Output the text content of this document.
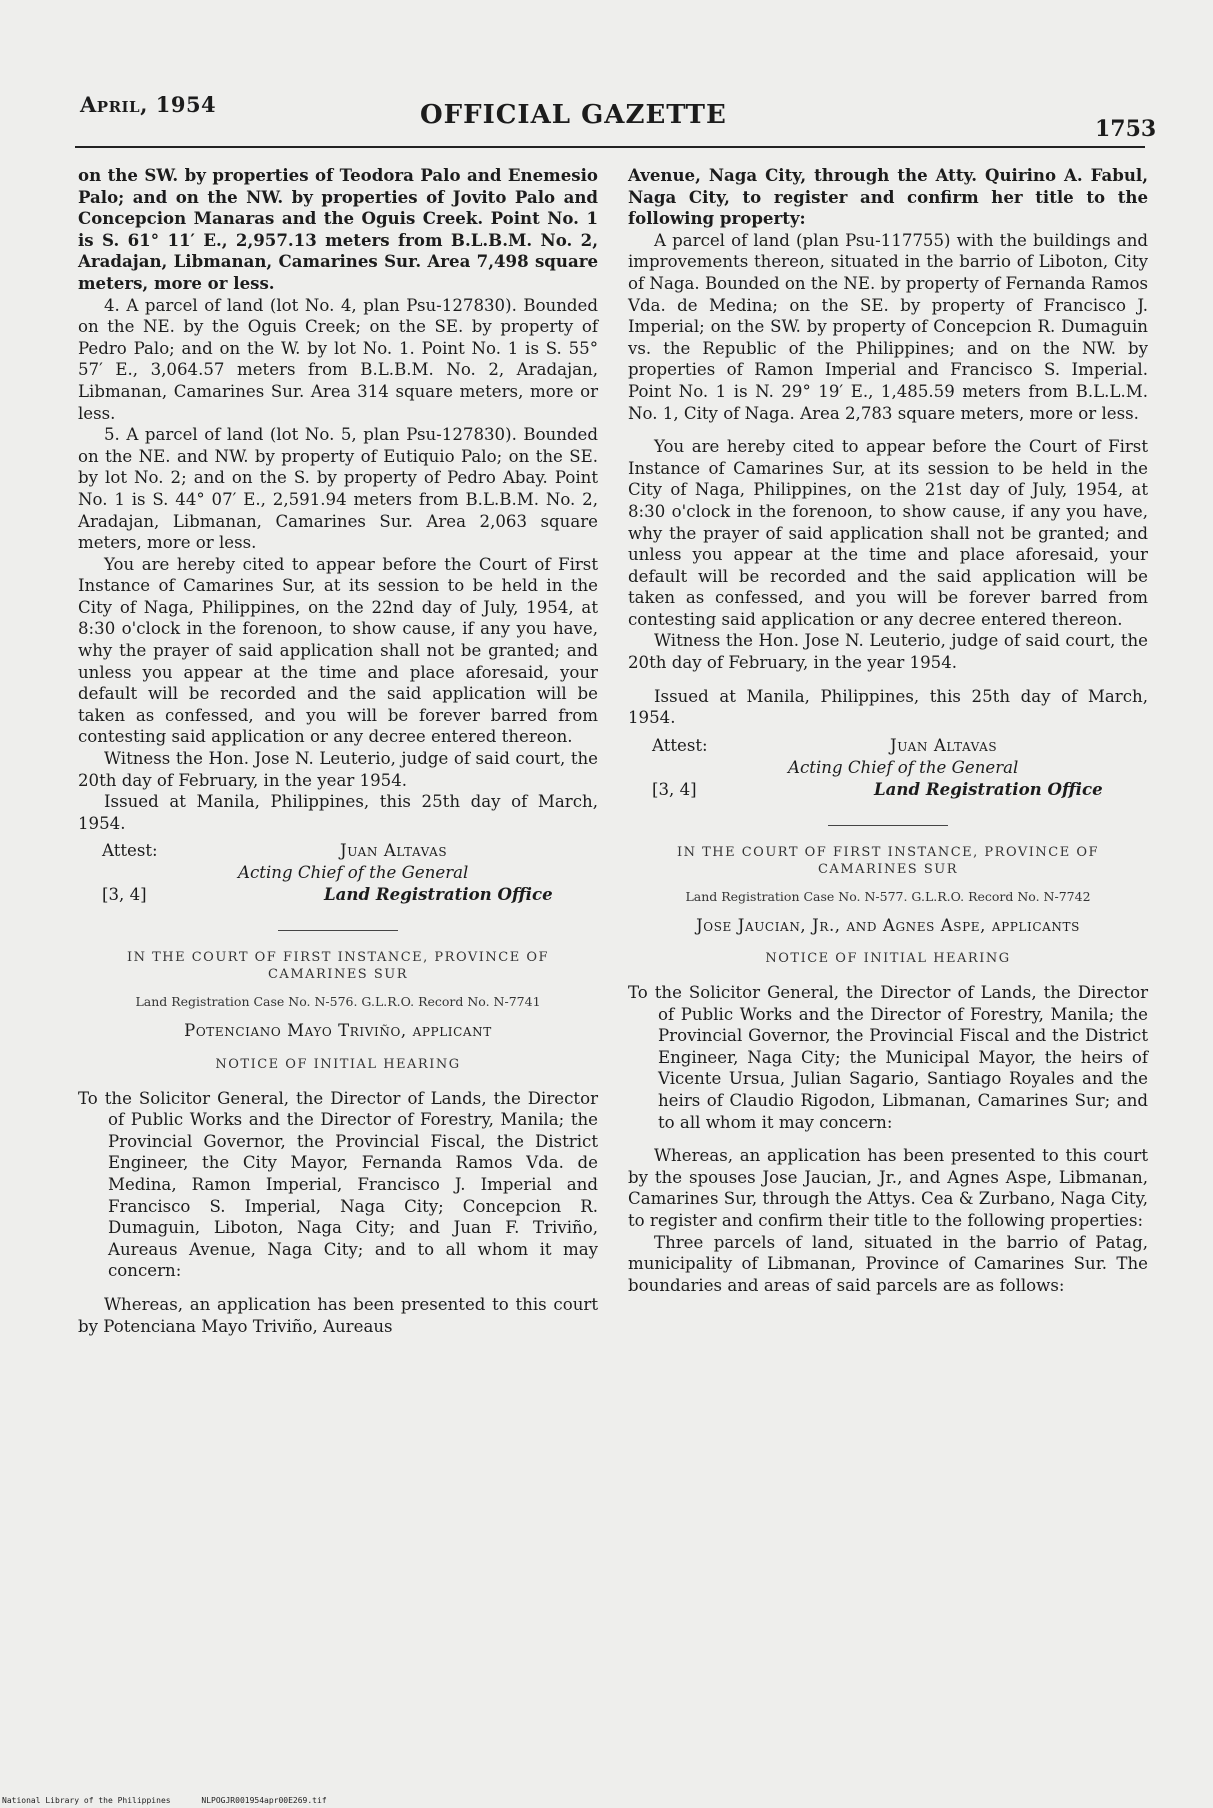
April, 1954	OFFICIAL GAZETTE	1753

on the SW. by properties of Teodora Palo and Enemesio Palo; and on the NW. by properties of Jovito Palo and Concepcion Manaras and the Oguis Creek. Point No. 1 is S. 61° 11′ E., 2,957.13 meters from B.L.B.M. No. 2, Aradajan, Libmanan, Camarines Sur. Area 7,498 square meters, more or less.

4. A parcel of land (lot No. 4, plan Psu-127830). Bounded on the NE. by the Oguis Creek; on the SE. by property of Pedro Palo; and on the W. by lot No. 1. Point No. 1 is S. 55° 57′ E., 3,064.57 meters from B.L.B.M. No. 2, Aradajan, Libmanan, Camarines Sur. Area 314 square meters, more or less.

5. A parcel of land (lot No. 5, plan Psu-127830). Bounded on the NE. and NW. by property of Eutiquio Palo; on the SE. by lot No. 2; and on the S. by property of Pedro Abay. Point No. 1 is S. 44° 07′ E., 2,591.94 meters from B.L.B.M. No. 2, Aradajan, Libmanan, Camarines Sur. Area 2,063 square meters, more or less.

You are hereby cited to appear before the Court of First Instance of Camarines Sur, at its session to be held in the City of Naga, Philippines, on the 22nd day of July, 1954, at 8:30 o'clock in the forenoon, to show cause, if any you have, why the prayer of said application shall not be granted; and unless you appear at the time and place aforesaid, your default will be recorded and the said application will be taken as confessed, and you will be forever barred from contesting said application or any decree entered thereon.

Witness the Hon. Jose N. Leuterio, judge of said court, the 20th day of February, in the year 1954.

Issued at Manila, Philippines, this 25th day of March, 1954.

Attest:	Juan Altavas
Acting Chief of the General
[3, 4]	Land Registration Office
IN THE COURT OF FIRST INSTANCE, PROVINCE OF CAMARINES SUR
Land Registration Case No. N-576. G.L.R.O. Record No. N-7741
Potenciano Mayo Triviño, applicant
NOTICE OF INITIAL HEARING

To the Solicitor General, the Director of Lands, the Director of Public Works and the Director of Forestry, Manila; the Provincial Governor, the Provincial Fiscal, the District Engineer, the City Mayor, Fernanda Ramos Vda. de Medina, Ramon Imperial, Francisco J. Imperial and Francisco S. Imperial, Naga City; Concepcion R. Dumaguin, Liboton, Naga City; and Juan F. Triviño, Aureaus Avenue, Naga City; and to all whom it may concern:

Whereas, an application has been presented to this court by Potenciana Mayo Triviño, Aureaus

Avenue, Naga City, through the Atty. Quirino A. Fabul, Naga City, to register and confirm her title to the following property:

A parcel of land (plan Psu-117755) with the buildings and improvements thereon, situated in the barrio of Liboton, City of Naga. Bounded on the NE. by property of Fernanda Ramos Vda. de Medina; on the SE. by property of Francisco J. Imperial; on the SW. by property of Concepcion R. Dumaguin vs. the Republic of the Philippines; and on the NW. by properties of Ramon Imperial and Francisco S. Imperial. Point No. 1 is N. 29° 19′ E., 1,485.59 meters from B.L.L.M. No. 1, City of Naga. Area 2,783 square meters, more or less.

You are hereby cited to appear before the Court of First Instance of Camarines Sur, at its session to be held in the City of Naga, Philippines, on the 21st day of July, 1954, at 8:30 o'clock in the forenoon, to show cause, if any you have, why the prayer of said application shall not be granted; and unless you appear at the time and place aforesaid, your default will be recorded and the said application will be taken as confessed, and you will be forever barred from contesting said application or any decree entered thereon.

Witness the Hon. Jose N. Leuterio, judge of said court, the 20th day of February, in the year 1954.

Issued at Manila, Philippines, this 25th day of March, 1954.

Attest:	Juan Altavas
Acting Chief of the General
[3, 4]	Land Registration Office
IN THE COURT OF FIRST INSTANCE, PROVINCE OF CAMARINES SUR
Land Registration Case No. N-577. G.L.R.O. Record No. N-7742
Jose Jaucian, Jr., and Agnes Aspe, applicants
NOTICE OF INITIAL HEARING

To the Solicitor General, the Director of Lands, the Director of Public Works and the Director of Forestry, Manila; the Provincial Governor, the Provincial Fiscal and the District Engineer, Naga City; the Municipal Mayor, the heirs of Vicente Ursua, Julian Sagario, Santiago Royales and the heirs of Claudio Rigodon, Libmanan, Camarines Sur; and to all whom it may concern:

Whereas, an application has been presented to this court by the spouses Jose Jaucian, Jr., and Agnes Aspe, Libmanan, Camarines Sur, through the Attys. Cea & Zurbano, Naga City, to register and confirm their title to the following properties:

Three parcels of land, situated in the barrio of Patag, municipality of Libmanan, Province of Camarines Sur. The boundaries and areas of said parcels are as follows:

National Library of the Philippines	NLPOGJR001954apr00E269.tif
